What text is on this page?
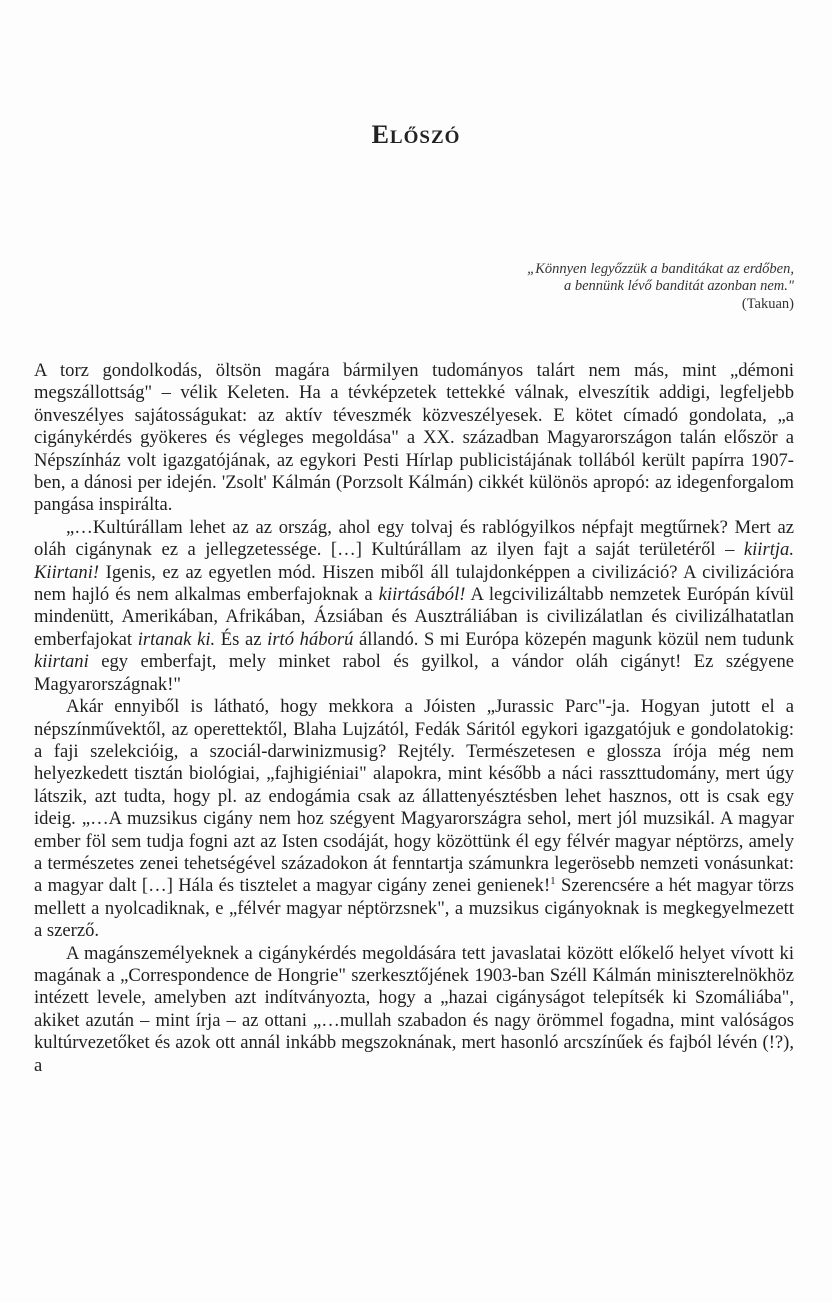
ELŐSZÓ
„Könnyen legyőzzük a banditákat az erdőben,
a bennünk lévő banditát azonban nem."
(Takuan)

A torz gondolkodás, öltsön magára bármilyen tudományos talárt nem más, mint „démoni megszállottság" – vélik Keleten. Ha a tévképzetek tettekké válnak, elveszítik addigi, legfeljebb önveszélyes sajátosságukat: az aktív téveszmék közveszélyesek. E kötet címadó gondolata, „a cigánykérdés gyökeres és végleges megoldása" a XX. században Magyarországon talán először a Népszínház volt igazgatójának, az egykori Pesti Hírlap publicistájának tollából került papírra 1907-ben, a dánosi per idején. 'Zsolt' Kálmán (Porzsolt Kálmán) cikkét különös apropó: az idegenforgalom pangása inspirálta.

„…Kultúrállam lehet az az ország, ahol egy tolvaj és rablógyilkos népfajt megtűrnek? Mert az oláh cigánynak ez a jellegzetessége. […] Kultúrállam az ilyen fajt a saját területéről – kiirtja. Kiirtani! Igenis, ez az egyetlen mód. Hiszen miből áll tulajdonképpen a civilizáció? A civilizációra nem hajló és nem alkalmas emberfajoknak a kiirtásából! A legcivilizáltabb nemzetek Európán kívül mindenütt, Amerikában, Afrikában, Ázsiában és Ausztráliában is civilizálatlan és civilizálhatatlan emberfajokat irtanak ki. És az irtó háború állandó. S mi Európa közepén magunk közül nem tudunk kiirtani egy emberfajt, mely minket rabol és gyilkol, a vándor oláh cigányt! Ez szégyene Magyarországnak!"

Akár ennyiből is látható, hogy mekkora a Jóisten „Jurassic Parc"-ja. Hogyan jutott el a népszínművektől, az operettektől, Blaha Lujzától, Fedák Sáritól egykori igazgatójuk e gondolatokig: a faji szelekcióig, a szociál-darwinizmusig? Rejtély. Természetesen e glossza írója még nem helyezkedett tisztán biológiai, „fajhigiéniai" alapokra, mint később a náci rasszttudomány, mert úgy látszik, azt tudta, hogy pl. az endogámia csak az állattenyésztésben lehet hasznos, ott is csak egy ideig. „…A muzsikus cigány nem hoz szégyent Magyarországra sehol, mert jól muzsikál. A magyar ember föl sem tudja fogni azt az Isten csodáját, hogy közöttünk él egy félvér magyar néptörzs, amely a természetes zenei tehetségével századokon át fenntartja számunkra legerösebb nemzeti vonásunkat: a magyar dalt […] Hála és tisztelet a magyar cigány zenei genienek!$^1$ Szerencsére a hét magyar törzs mellett a nyolcadiknak, e „félvér magyar néptörzsnek", a muzsikus cigányoknak is megkegyelmezett a szerző.

A magánszemélyeknek a cigánykérdés megoldására tett javaslatai között előkelő helyet vívott ki magának a „Correspondence de Hongrie" szerkesztőjének 1903-ban Széll Kálmán miniszterelnökhöz intézett levele, amelyben azt indítványozta, hogy a „hazai cigányságot telepítsék ki Szomáliába", akiket azután – mint írja – az ottani „…mullah szabadon és nagy örömmel fogadna, mint valóságos kultúrvezetőket és azok ott annál inkább megszoknának, mert hasonló arcszínűek és fajból lévén (!?), a
